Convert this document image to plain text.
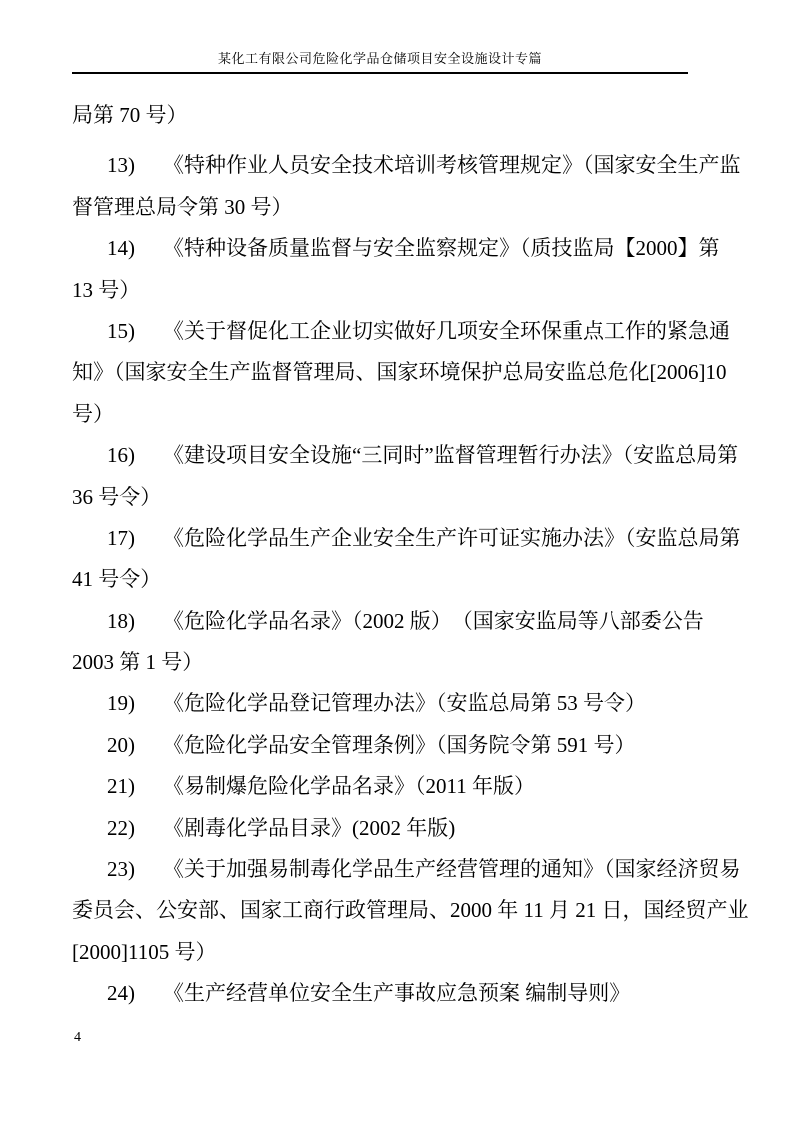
某化工有限公司危险化学品仓储项目安全设施设计专篇
局第 70 号）
13) 《特种作业人员安全技术培训考核管理规定》（国家安全生产监
督管理总局令第 30 号）
14) 《特种设备质量监督与安全监察规定》（质技监局【2000】第
13 号）
15) 《关于督促化工企业切实做好几项安全环保重点工作的紧急通
知》（国家安全生产监督管理局、国家环境保护总局安监总危化[2006]10
号）
16) 《建设项目安全设施“三同时”监督管理暂行办法》（安监总局第
36 号令）
17) 《危险化学品生产企业安全生产许可证实施办法》（安监总局第
41 号令）
18) 《危险化学品名录》（2002 版）　（国家安监局等八部委公告
2003 第 1 号）
19) 《危险化学品登记管理办法》（安监总局第 53 号令）
20) 《危险化学品安全管理条例》（国务院令第 591 号）
21) 《易制爆危险化学品名录》（2011 年版）
22) 《剧毒化学品目录》(2002 年版)
23) 《关于加强易制毒化学品生产经营管理的通知》（国家经济贸易
委员会、公安部、国家工商行政管理局、2000 年 11 月 21 日，国经贸产业
[2000]1105 号）
24) 《生产经营单位安全生产事故应急预案 编制导则》
4
